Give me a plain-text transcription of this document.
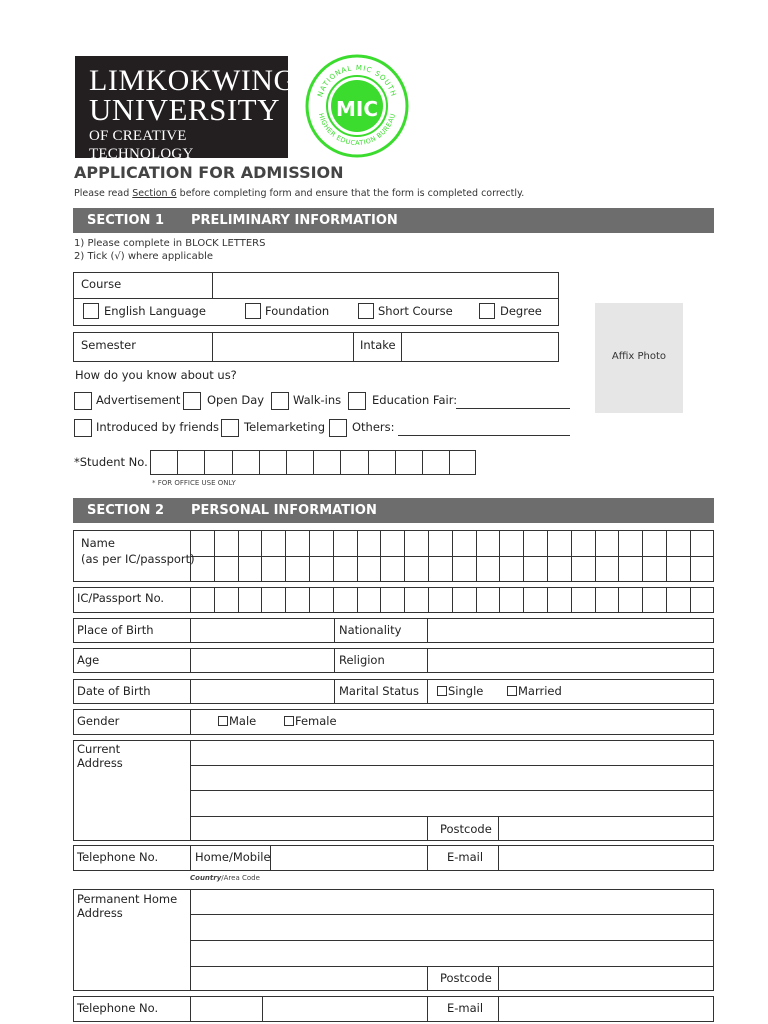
LIMKOKWING
UNIVERSITY
OF CREATIVE TECHNOLOGY
NATIONAL MIC SOUTH
HIGHER EDUCATION BUREAU
MIC
APPLICATION FOR ADMISSION
Please read Section 6 before completing form and ensure that the form is completed correctly.
SECTION 1 PRELIMINARY INFORMATION
1) Please complete in BLOCK LETTERS
2) Tick (√) where applicable
Course
English Language	Foundation	Short Course	Degree
Semester	Intake
Affix Photo
How do you know about us?
Advertisement Open Day	Walk-ins	Education Fair:
Introduced by friends Telemarketing Others:
*Student No.
* FOR OFFICE USE ONLY
SECTION 2 PERSONAL INFORMATION
Name
(as per IC/passport)
IC/Passport No.
Place of Birth	Nationality
Age	Religion
Date of Birth	Marital Status	Single	Married
Gender	Male	Female
Current
Address
Postcode
Telephone No.	Home/Mobile	E-mail
Country/Area Code
Permanent Home
Address
Postcode
Telephone No.	E-mail
